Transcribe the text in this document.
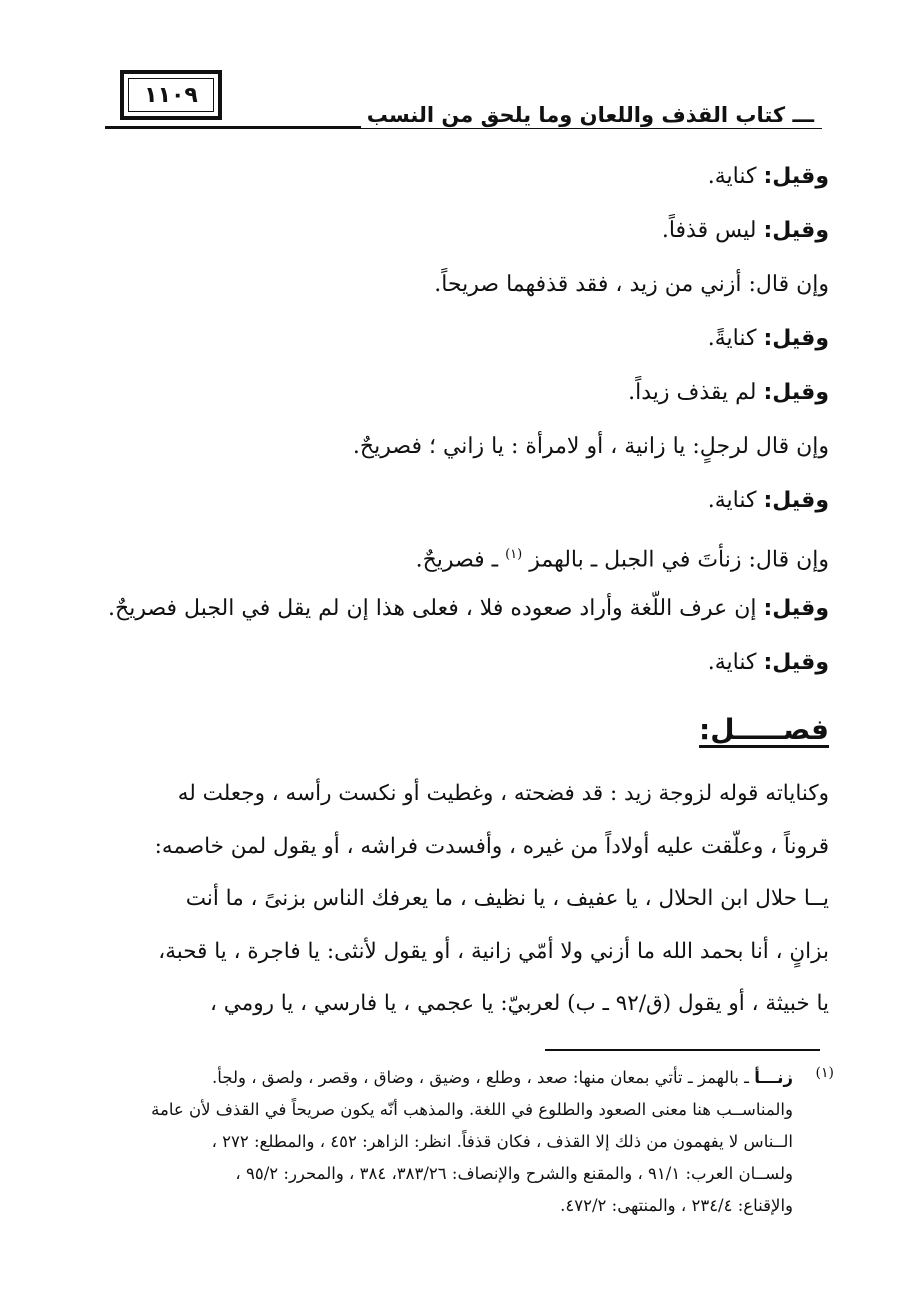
١١٠٩
ـــ كتاب القذف واللعان وما يلحق من النسب
وقيل: كناية.
وقيل: ليس قذفاً.
وإن قال: أزني من زيد ، فقد قذفهما صريحاً.
وقيل: كنايةً.
وقيل: لم يقذف زيداً.
وإن قال لرجلٍ: يا زانية ، أو لامرأة : يا زاني ؛ فصريحٌ.
وقيل: كناية.
وإن قال: زنأتَ في الجبل ـ بالهمز $^{(١)}$ ـ فصريحٌ.
وقيل: إن عرف اللّغة وأراد صعوده فلا ، فعلى هذا إن لم يقل في الجبل فصريحٌ.
وقيل: كناية.
فصـــــل:
وكناياته قوله لزوجة زيد : قد فضحته ، وغطيت أو نكست رأسه ، وجعلت له
قروناً ، وعلّقت عليه أولاداً من غيره ، وأفسدت فراشه ، أو يقول لمن خاصمه:
يــا حلال ابن الحلال ، يا عفيف ، يا نظيف ، ما يعرفك الناس بزنىً ، ما أنت
بزانٍ ، أنا بحمد الله ما أزني ولا أمّي زانية ، أو يقول لأنثى: يا فاجرة ، يا قحبة،
يا خبيثة ، أو يقول (ق/٩٢ ـ ب) لعربيّ: يا عجمي ، يا فارسي ، يا رومي ،
(١)
زنـــأ ـ بالهمز ـ تأتي بمعان منها: صعد ، وطلع ، وضيق ، وضاق ، وقصر ، ولصق ، ولجأ.
والمناســب هنا معنى الصعود والطلوع في اللغة. والمذهب أنّه يكون صريحاً في القذف لأن عامة
الــناس لا يفهمون من ذلك إلا القذف ، فكان قذفاً. انظر: الزاهر: ٤٥٢ ، والمطلع: ٢٧٢ ،
ولســان العرب: ٩١/١ ، والمقنع والشرح والإنصاف: ٣٨٣/٢٦، ٣٨٤ ، والمحرر: ٩٥/٢ ،
والإقناع: ٢٣٤/٤ ، والمنتهى: ٤٧٢/٢.
